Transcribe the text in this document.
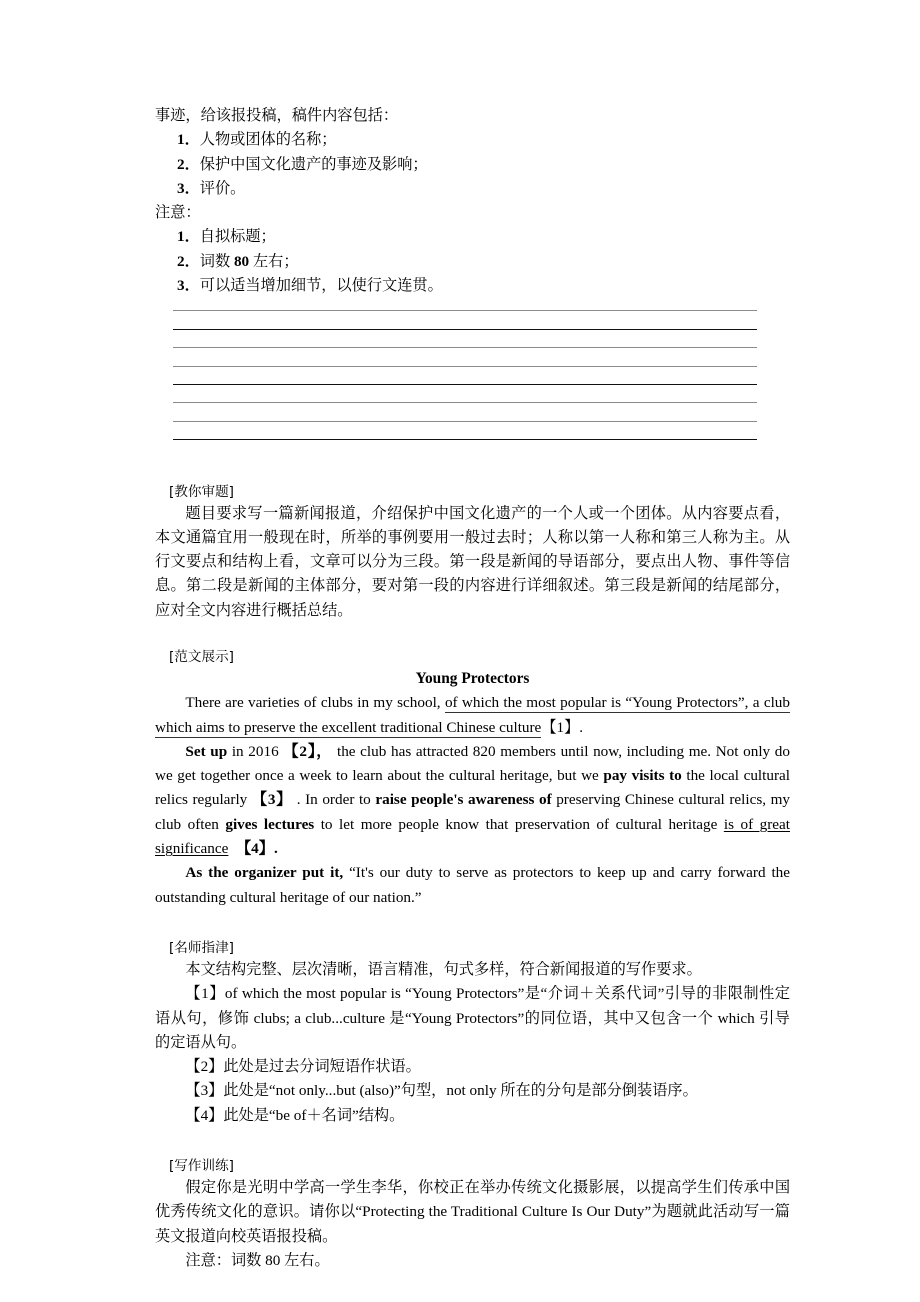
事迹，给该报投稿，稿件内容包括：
1．人物或团体的名称；
2．保护中国文化遗产的事迹及影响；
3．评价。
注意：
1．自拟标题；
2．词数 80 左右；
3．可以适当增加细节，以使行文连贯。
[教你审题]

题目要求写一篇新闻报道，介绍保护中国文化遗产的一个人或一个团体。从内容要点看，本文通篇宜用一般现在时，所举的事例要用一般过去时；人称以第一人称和第三人称为主。从行文要点和结构上看，文章可以分为三段。第一段是新闻的导语部分，要点出人物、事件等信息。第二段是新闻的主体部分，要对第一段的内容进行详细叙述。第三段是新闻的结尾部分，应对全文内容进行概括总结。

[范文展示]
Young Protectors

There are varieties of clubs in my school, of which the most popular is “Young Protectors”, a club which aims to preserve the excellent traditional Chinese culture【1】.

Set up in 2016 【2】， the club has attracted 820 members until now, including me. Not only do we get together once a week to learn about the cultural heritage, but we pay visits to the local cultural relics regularly 【3】 . In order to raise people's awareness of preserving Chinese cultural relics, my club often gives lectures to let more people know that preservation of cultural heritage is of great significance 【4】.

As the organizer put it, “It's our duty to serve as protectors to keep up and carry forward the outstanding cultural heritage of our nation.”

[名师指津]

本文结构完整、层次清晰，语言精准，句式多样，符合新闻报道的写作要求。

【1】of which the most popular is “Young Protectors”是“介词＋关系代词”引导的非限制性定语从句，修饰 clubs; a club...culture 是“Young Protectors”的同位语，其中又包含一个 which 引导的定语从句。

【2】此处是过去分词短语作状语。

【3】此处是“not only...but (also)”句型，not only 所在的分句是部分倒装语序。

【4】此处是“be of＋名词”结构。

[写作训练]

假定你是光明中学高一学生李华，你校正在举办传统文化摄影展，以提高学生们传承中国优秀传统文化的意识。请你以“Protecting the Traditional Culture Is Our Duty”为题就此活动写一篇英文报道向校英语报投稿。

注意：词数 80 左右。
